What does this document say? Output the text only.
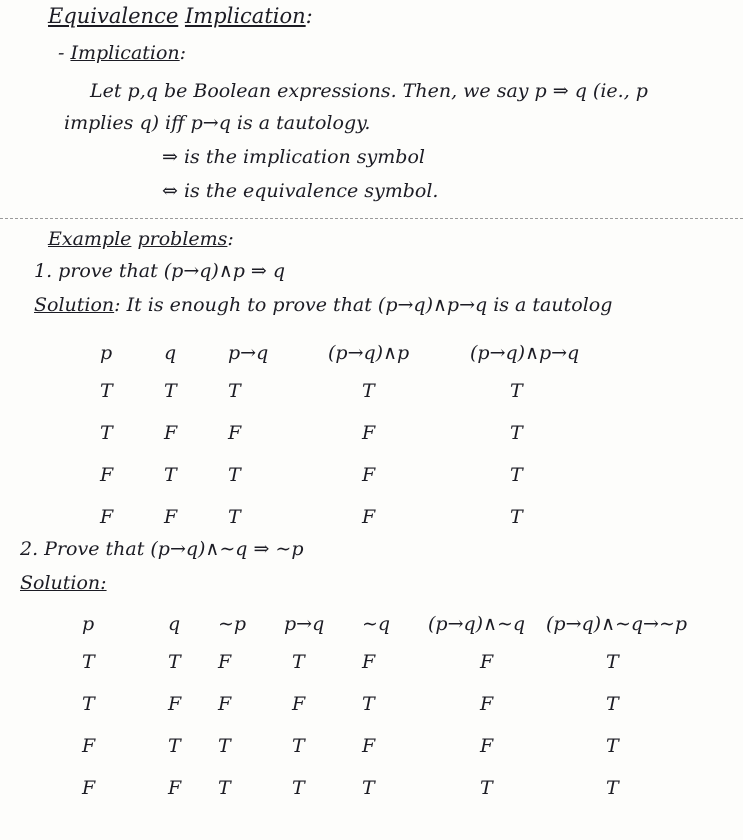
Equivalence Implication:
- Implication:
Let p,q be Boolean expressions. Then, we say p ⇒ q (ie., p
implies q) iff p→q is a tautology.
⇒ is the implication symbol
⇔ is the equivalence symbol.
Example problems:
1. prove that (p→q)∧p ⇒ q
Solution: It is enough to prove that (p→q)∧p→q is a tautolog
p	q	p→q	(p→q)∧p	(p→q)∧p→q
T	T	T	T	T
T	F	F	F	T
F	T	T	F	T
F	F	T	F	T
2. Prove that (p→q)∧∼q ⇒ ∼p
Solution:
p	q	∼p	p→q	∼q	(p→q)∧∼q	(p→q)∧∼q→∼p
T	T	F	T	F	F	T
T	F	F	F	T	F	T
F	T	T	T	F	F	T
F	F	T	T	T	T	T
